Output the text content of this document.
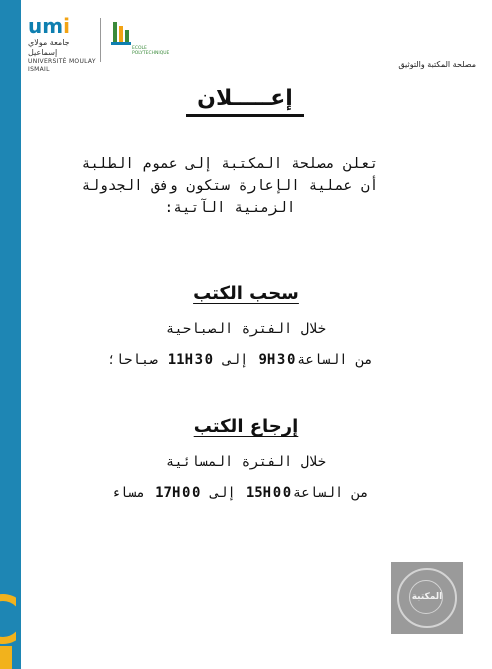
umi
جامعة مولاي إسماعيل
UNIVERSITÉ MOULAY ISMAIL
ECOLE POLYTECHNIQUE
مصلحة المكتبة والتوثيق
إعـــــلان
تعلن مصلحة المكتبة إلى عموم الطلبة
أن عملية الإعارة ستكون وفق الجدولة
الزمنية الآتية:
سحب الكتب
خلال الفترة الصباحية
من الساعة9H30 إلى 11H30 صباحا؛
إرجاع الكتب
خلال الفترة المسائية
من الساعة15H00 إلى 17H00 مساء
المكتبة
